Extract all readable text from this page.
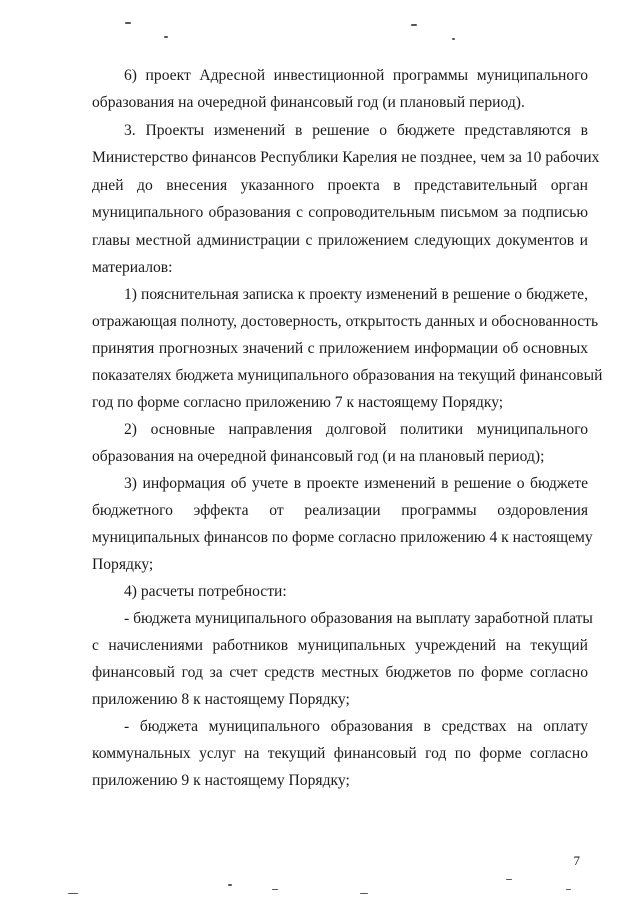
6) проект Адресной инвестиционной программы муниципального
образования на очередной финансовый год (и плановый период).
3. Проекты изменений в решение о бюджете представляются в
Министерство финансов Республики Карелия не позднее, чем за 10 рабочих
дней до внесения указанного проекта в представительный орган
муниципального образования с сопроводительным письмом за подписью
главы местной администрации с приложением следующих документов и
материалов:
1) пояснительная записка к проекту изменений в решение о бюджете,
отражающая полноту, достоверность, открытость данных и обоснованность
принятия прогнозных значений с приложением информации об основных
показателях бюджета муниципального образования на текущий финансовый
год по форме согласно приложению 7 к настоящему Порядку;
2) основные направления долговой политики муниципального
образования на очередной финансовый год (и на плановый период);
3) информация об учете в проекте изменений в решение о бюджете
бюджетного эффекта от реализации программы оздоровления
муниципальных финансов по форме согласно приложению 4 к настоящему
Порядку;
4) расчеты потребности:
- бюджета муниципального образования на выплату заработной платы
с начислениями работников муниципальных учреждений на текущий
финансовый год за счет средств местных бюджетов по форме согласно
приложению 8 к настоящему Порядку;
- бюджета муниципального образования в средствах на оплату
коммунальных услуг на текущий финансовый год по форме согласно
приложению 9 к настоящему Порядку;
7
